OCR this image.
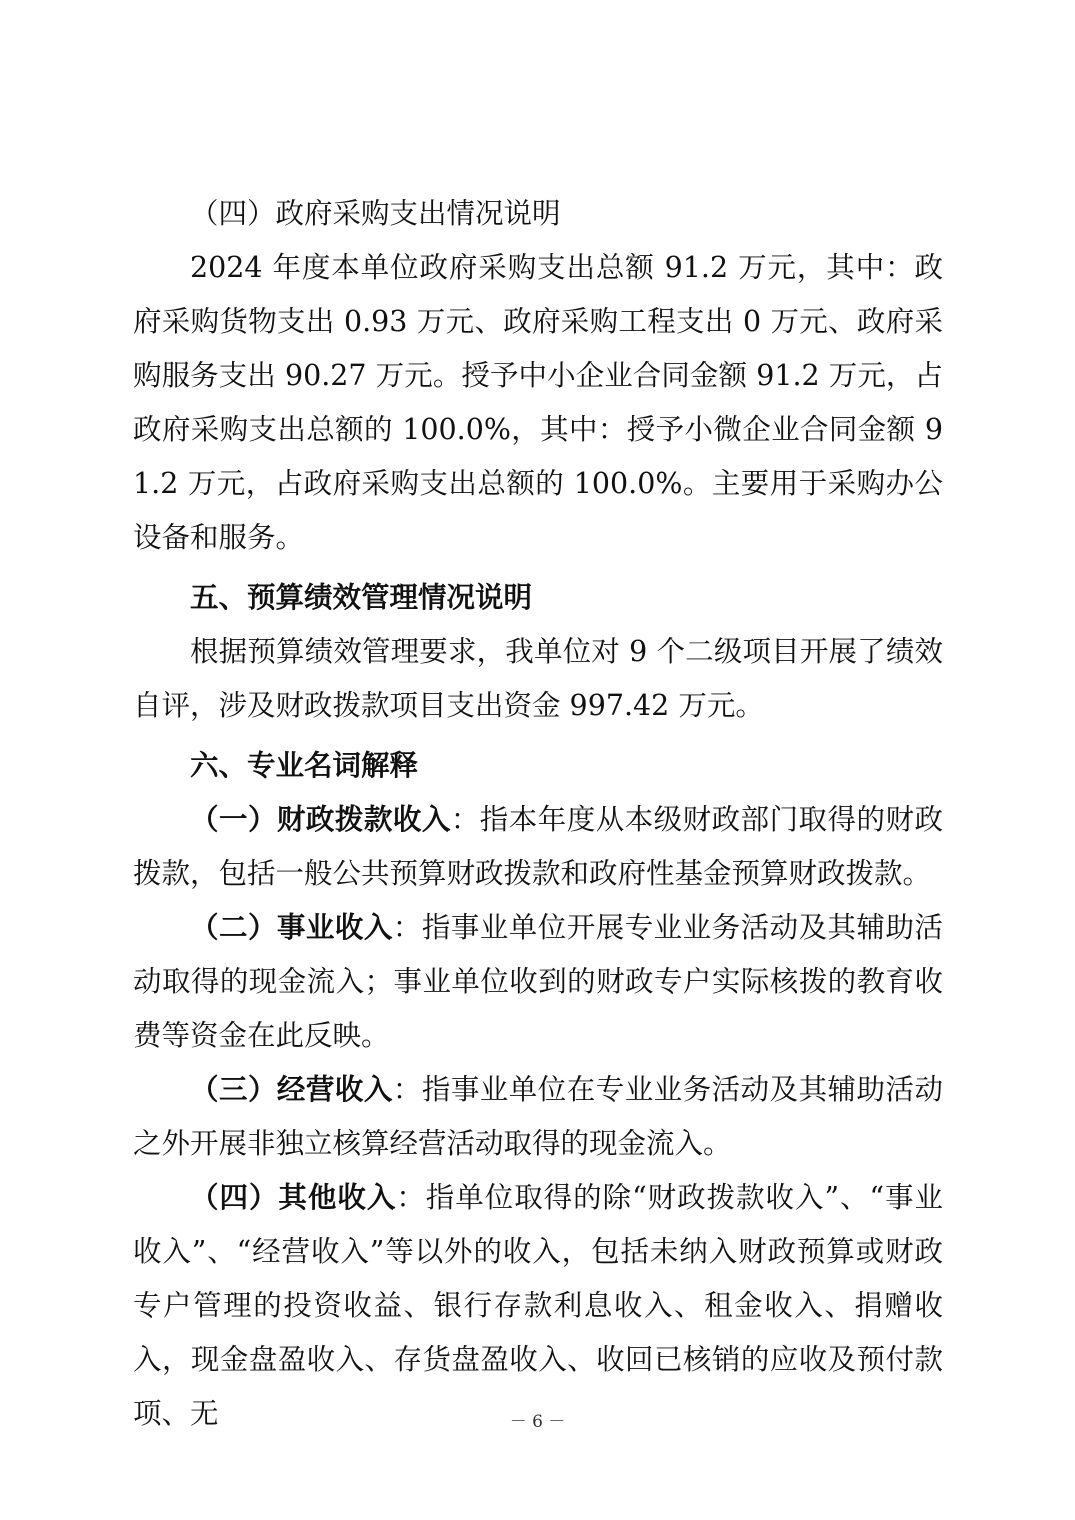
（四）政府采购支出情况说明

2024 年度本单位政府采购支出总额 91.2 万元，其中：政府采购货物支出 0.93 万元、政府采购工程支出 0 万元、政府采购服务支出 90.27 万元。授予中小企业合同金额 91.2 万元，占政府采购支出总额的 100.0%，其中：授予小微企业合同金额 91.2 万元，占政府采购支出总额的 100.0%。主要用于采购办公设备和服务。

五、预算绩效管理情况说明

根据预算绩效管理要求，我单位对 9 个二级项目开展了绩效自评，涉及财政拨款项目支出资金 997.42 万元。

六、专业名词解释

（一）财政拨款收入：指本年度从本级财政部门取得的财政拨款，包括一般公共预算财政拨款和政府性基金预算财政拨款。

（二）事业收入：指事业单位开展专业业务活动及其辅助活动取得的现金流入；事业单位收到的财政专户实际核拨的教育收费等资金在此反映。

（三）经营收入：指事业单位在专业业务活动及其辅助活动之外开展非独立核算经营活动取得的现金流入。

（四）其他收入：指单位取得的除“财政拨款收入”、“事业收入”、“经营收入”等以外的收入，包括未纳入财政预算或财政专户管理的投资收益、银行存款利息收入、租金收入、捐赠收入，现金盘盈收入、存货盘盈收入、收回已核销的应收及预付款项、无	－ 6 －
